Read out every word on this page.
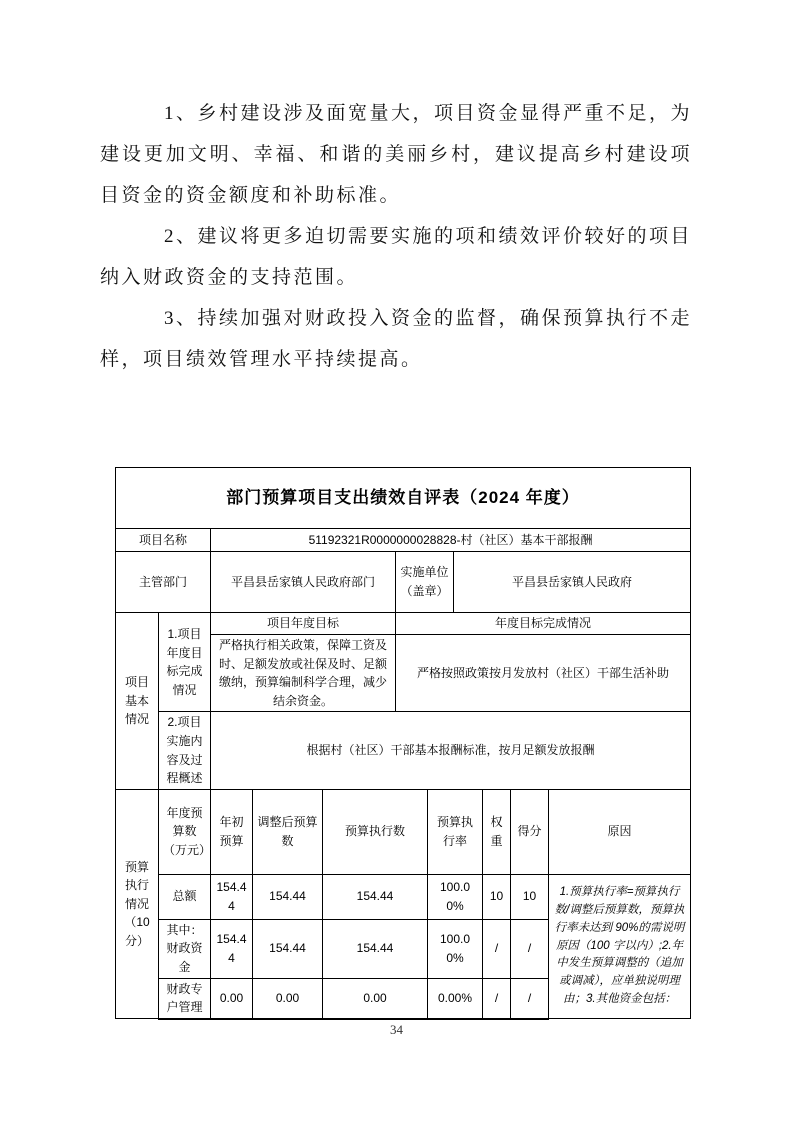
1、乡村建设涉及面宽量大，项目资金显得严重不足，为建设更加文明、幸福、和谐的美丽乡村，建议提高乡村建设项目资金的资金额度和补助标准。

2、建议将更多迫切需要实施的项和绩效评价较好的项目纳入财政资金的支持范围。

3、持续加强对财政投入资金的监督，确保预算执行不走样，项目绩效管理水平持续提高。

部门预算项目支出绩效自评表（2024 年度）										
项目名称		51192321R0000000028828-村（社区）基本干部报酬								
主管部门		平昌县岳家镇人民政府部门			实施单位（盖章）		平昌县岳家镇人民政府			
项目基本情况	1.项目年度目标完成情况	项目年度目标			年度目标完成情况					
		严格执行相关政策，保障工资及时、足额发放或社保及时、足额缴纳，预算编制科学合理，减少结余资金。			严格按照政策按月发放村（社区）干部生活补助					
	2.项目实施内容及过程概述	根据村（社区）干部基本报酬标准，按月足额发放报酬								
预算执行情况（10分）	年度预算数（万元）	年初预算	调整后预算数	预算执行数		预算执行率		权重	得分	原因
	总额	154.44	154.44	154.44		100.00%		10	10	1.预算执行率=预算执行数/调整后预算数，预算执行率未达到 90%的需说明原因（100 字以内）;2.年中发生预算调整的（追加或调减），应单独说明理由；3.其他资金包括：
	其中：财政资金	154.44	154.44	154.44		100.00%		/	/	
	财政专户管理	0.00	0.00	0.00		0.00%		/	/	
34
